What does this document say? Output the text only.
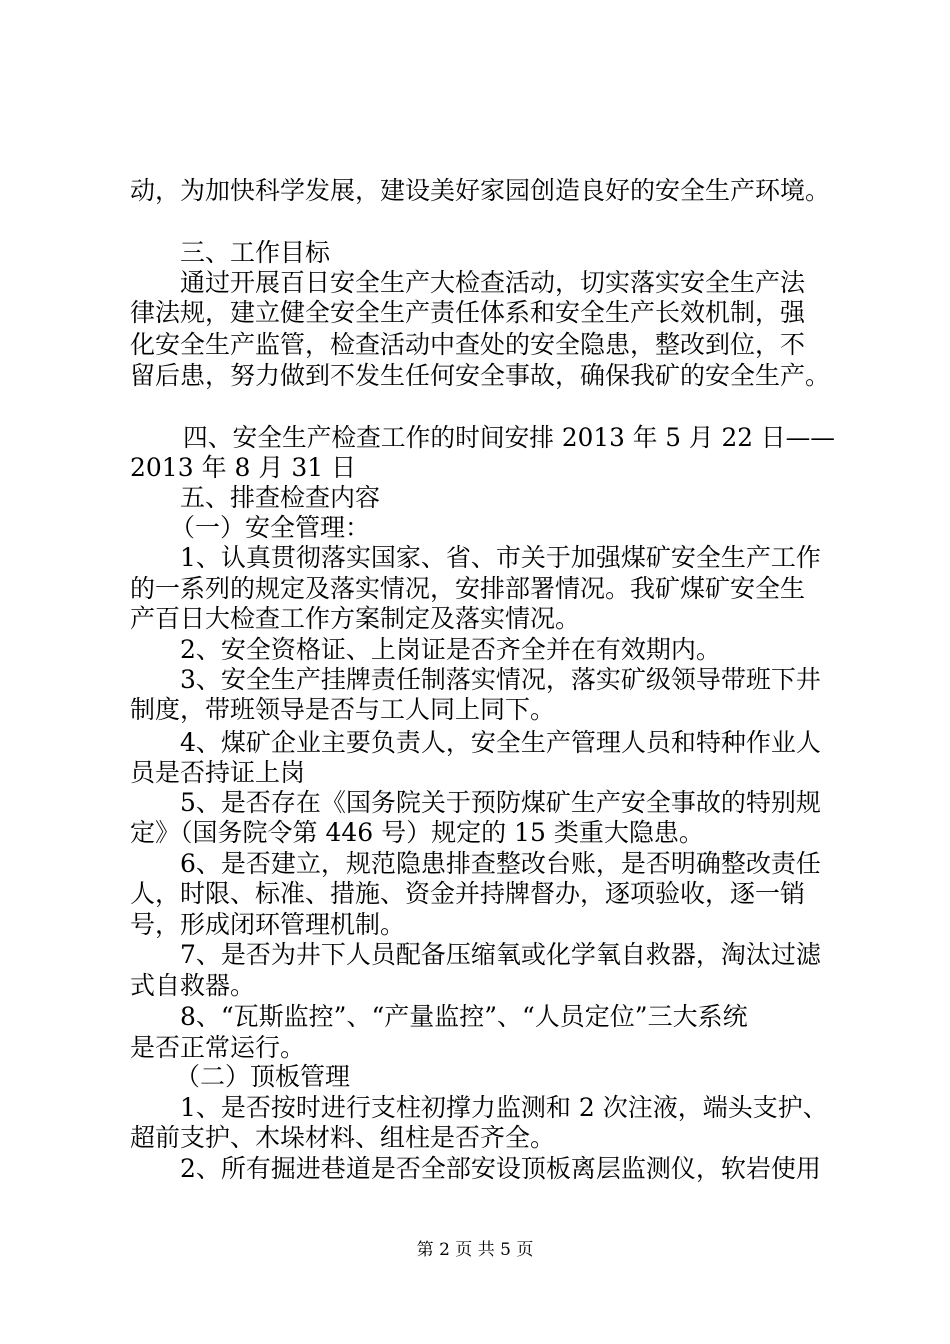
动，为加快科学发展，建设美好家园创造良好的安全生产环境。
三、工作目标
通过开展百日安全生产大检查活动，切实落实安全生产法
律法规，建立健全安全生产责任体系和安全生产长效机制，强
化安全生产监管，检查活动中查处的安全隐患，整改到位，不
留后患，努力做到不发生任何安全事故，确保我矿的安全生产。
四、安全生产检查工作的时间安排 2013 年 5 月 22 日——
2013 年 8 月 31 日
五、排查检查内容
（一）安全管理：
1、认真贯彻落实国家、省、市关于加强煤矿安全生产工作
的一系列的规定及落实情况，安排部署情况。我矿煤矿安全生
产百日大检查工作方案制定及落实情况。
2、安全资格证、上岗证是否齐全并在有效期内。
3、安全生产挂牌责任制落实情况，落实矿级领导带班下井
制度，带班领导是否与工人同上同下。
4、煤矿企业主要负责人，安全生产管理人员和特种作业人
员是否持证上岗
5、是否存在《国务院关于预防煤矿生产安全事故的特别规
定》（国务院令第 446 号）规定的 15 类重大隐患。
6、是否建立，规范隐患排查整改台账，是否明确整改责任
人，时限、标准、措施、资金并持牌督办，逐项验收，逐一销
号，形成闭环管理机制。
7、是否为井下人员配备压缩氧或化学氧自救器，淘汰过滤
式自救器。
8、“瓦斯监控”、“产量监控”、“人员定位”三大系统
是否正常运行。
（二）顶板管理
1、是否按时进行支柱初撑力监测和 2 次注液，端头支护、
超前支护、木垛材料、组柱是否齐全。
2、所有掘进巷道是否全部安设顶板离层监测仪，软岩使用
第 2 页 共 5 页
